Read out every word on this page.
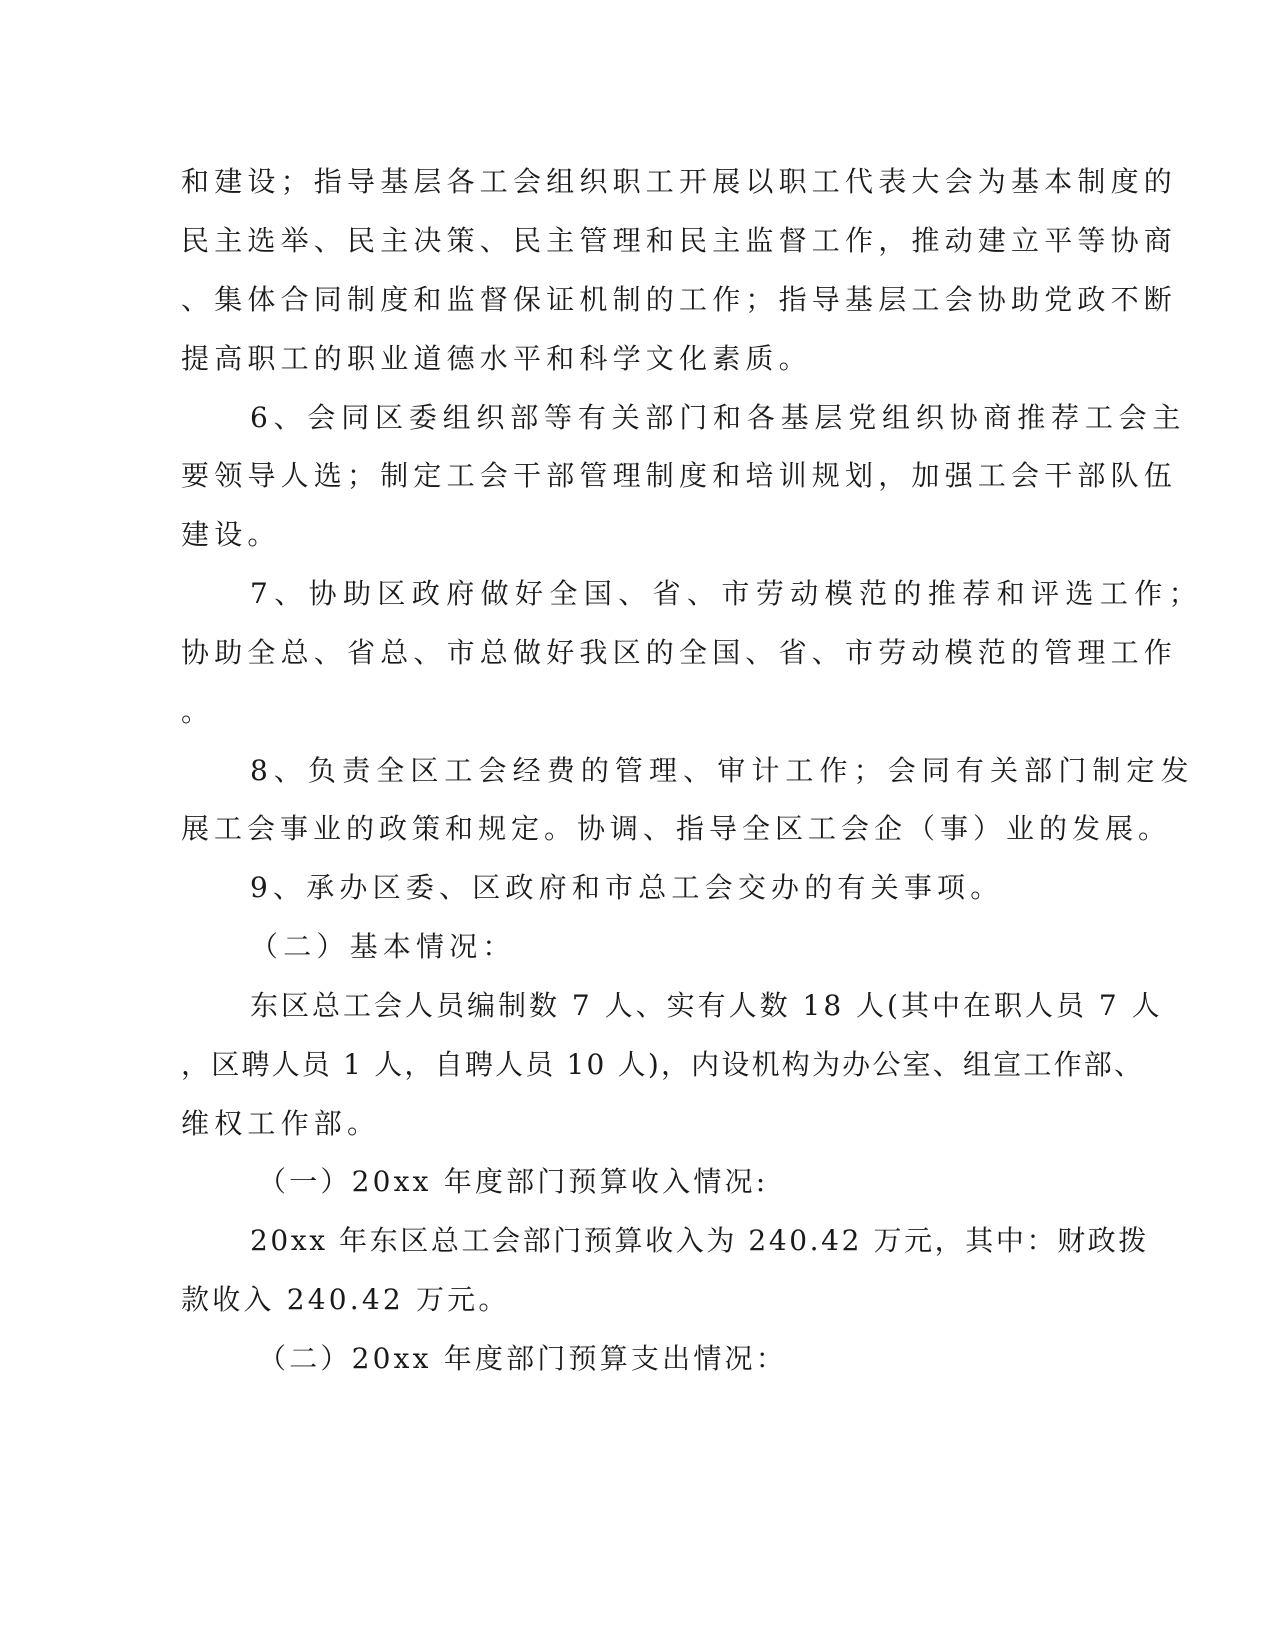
和建设；指导基层各工会组织职工开展以职工代表大会为基本制度的

民主选举、民主决策、民主管理和民主监督工作，推动建立平等协商

、集体合同制度和监督保证机制的工作；指导基层工会协助党政不断

提高职工的职业道德水平和科学文化素质。

6、会同区委组织部等有关部门和各基层党组织协商推荐工会主

要领导人选；制定工会干部管理制度和培训规划，加强工会干部队伍

建设。

7、协助区政府做好全国、省、市劳动模范的推荐和评选工作；

协助全总、省总、市总做好我区的全国、省、市劳动模范的管理工作

。

8、负责全区工会经费的管理、审计工作；会同有关部门制定发

展工会事业的政策和规定。协调、指导全区工会企（事）业的发展。

9、承办区委、区政府和市总工会交办的有关事项。

（二）基本情况：

东区总工会人员编制数 7 人、实有人数 18 人(其中在职人员 7 人

，区聘人员 1 人，自聘人员 10 人)，内设机构为办公室、组宣工作部、

维权工作部。

（一）20xx 年度部门预算收入情况:

20xx 年东区总工会部门预算收入为 240.42 万元，其中：财政拨

款收入 240.42 万元。

（二）20xx 年度部门预算支出情况：
